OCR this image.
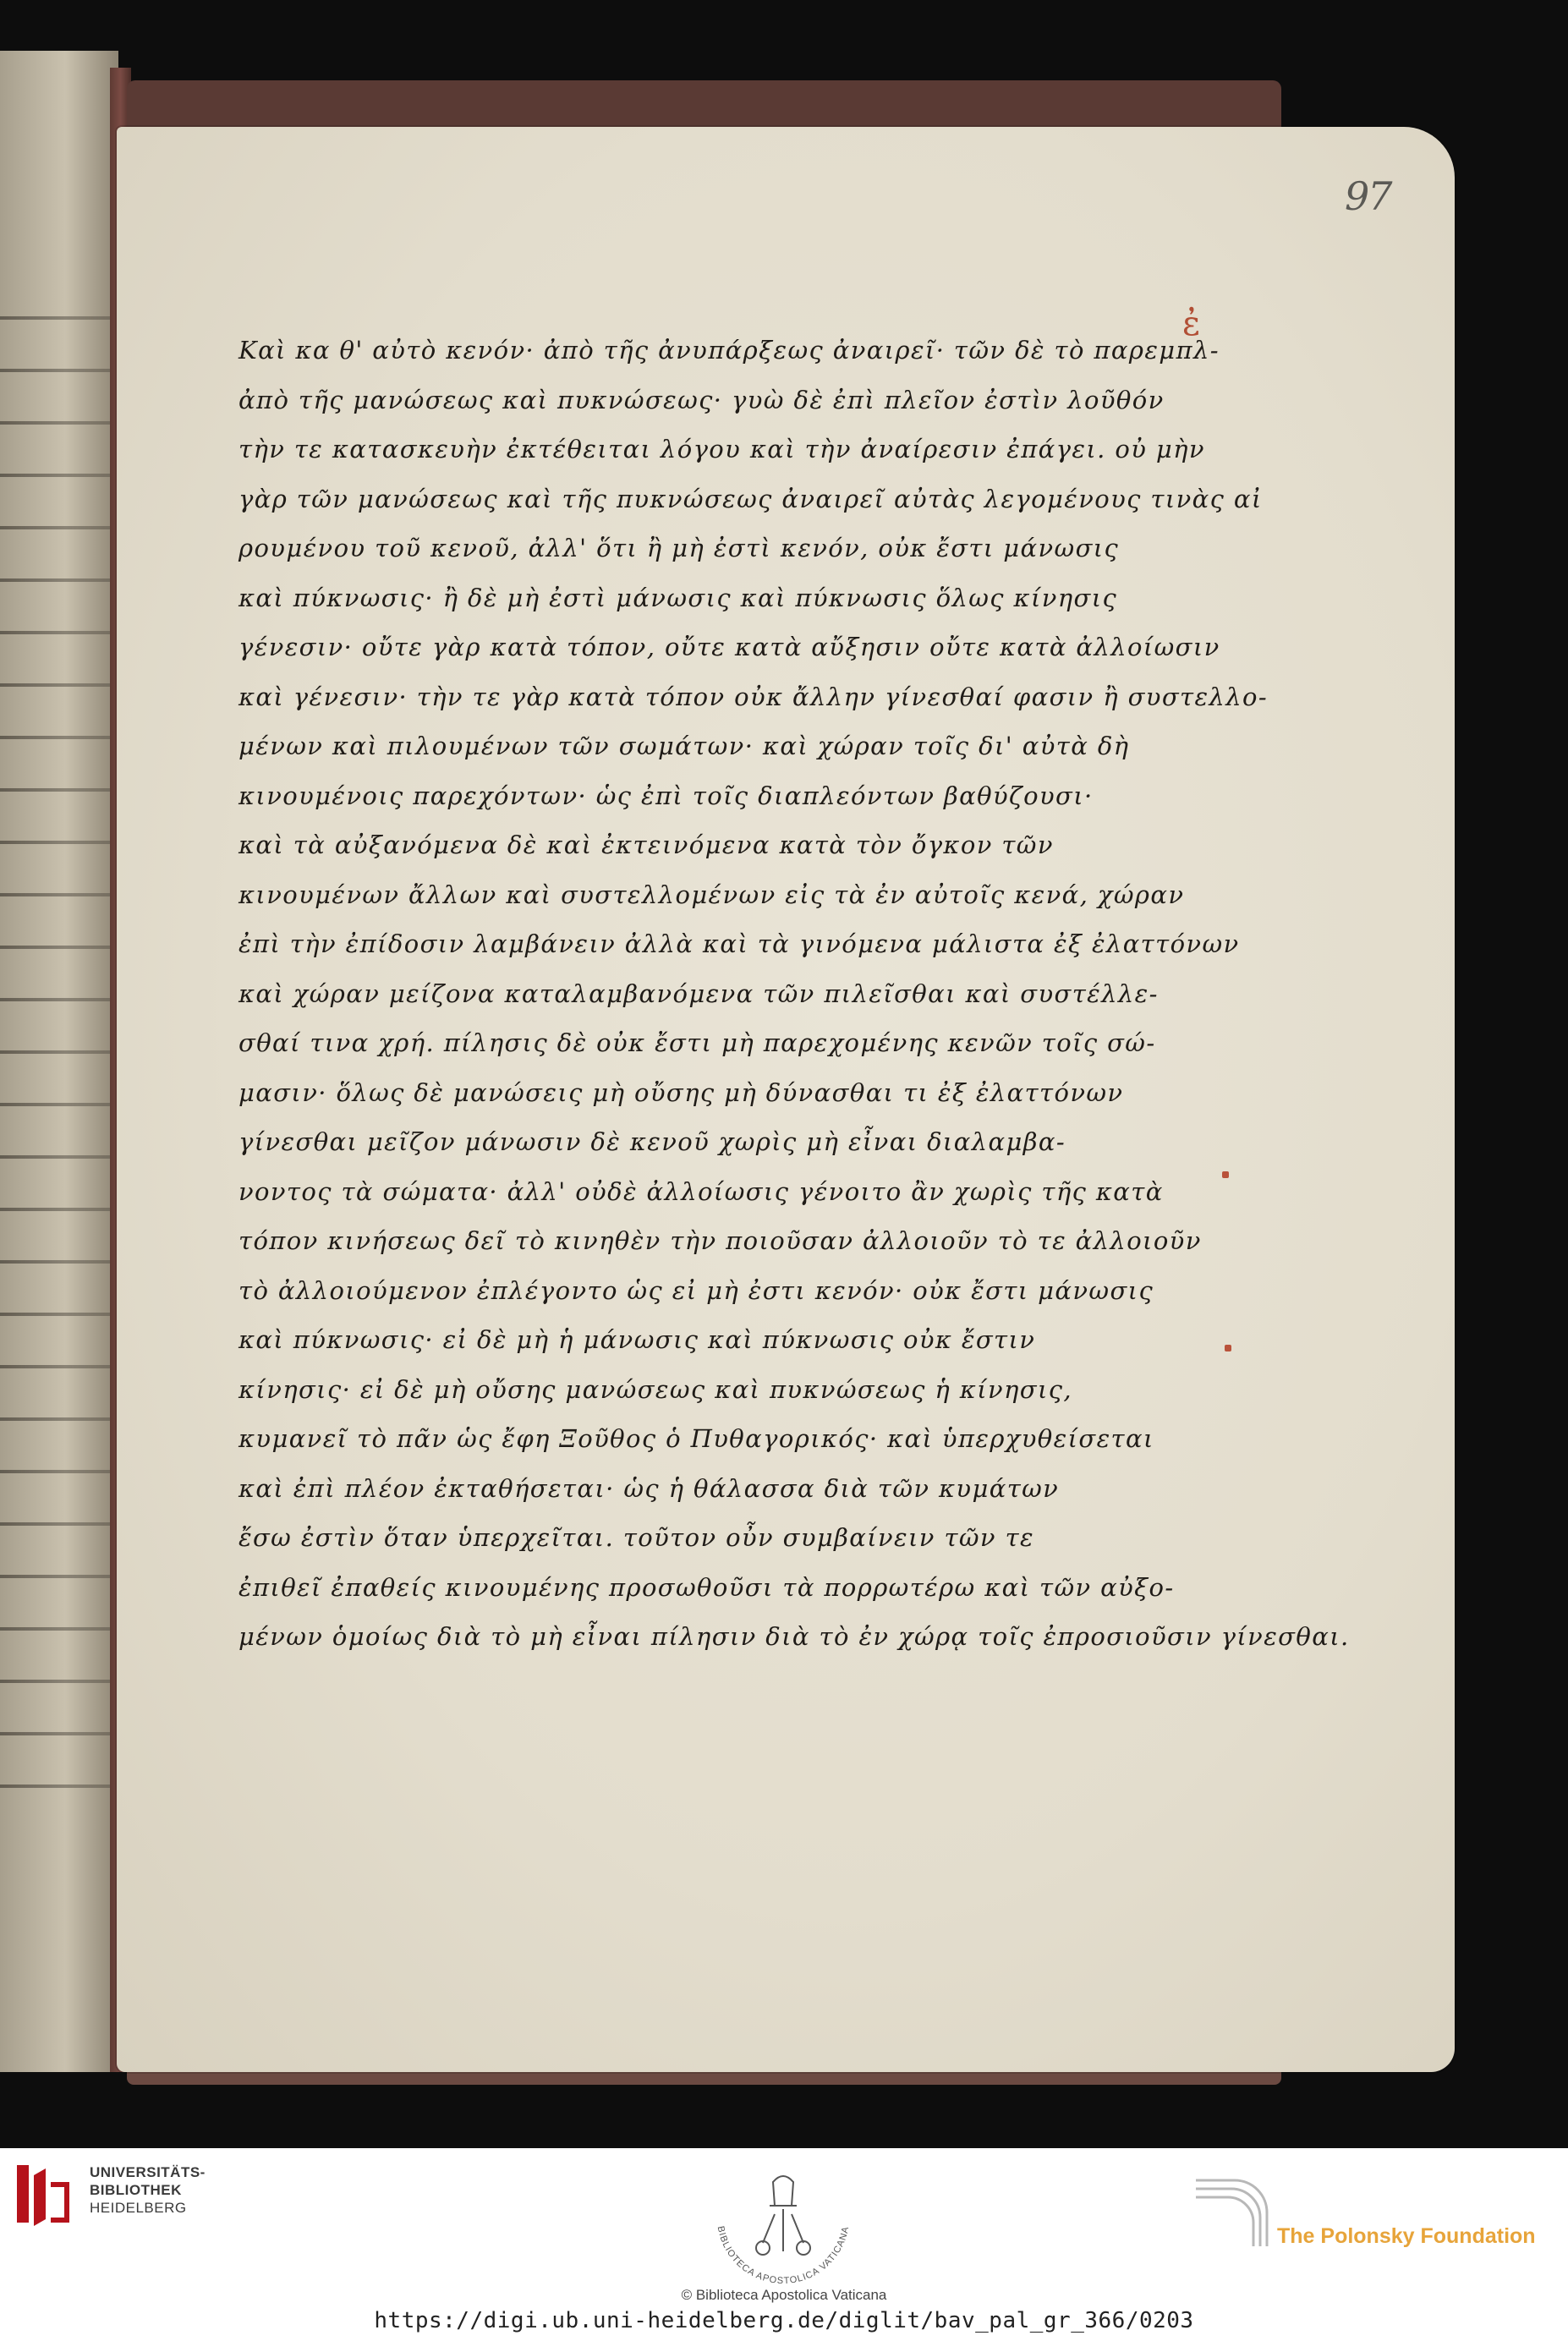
97
ἐ
Καὶ κα θ' αὐτὸ κενόν· ἀπὸ τῆς ἀνυπάρξεως ἀναιρεῖ· τῶν δὲ τὸ παρεμπλ-
ἀπὸ τῆς μανώσεως καὶ πυκνώσεως· γυὼ δὲ ἐπὶ πλεῖον ἐστὶν λοῦθόν
τὴν τε κατασκευὴν ἐκτέθειται λόγου καὶ τὴν ἀναίρεσιν ἐπάγει. οὐ μὴν
γὰρ τῶν μανώσεως καὶ τῆς πυκνώσεως ἀναιρεῖ αὐτὰς λεγομένους τινὰς αἰ
ρουμένου τοῦ κενοῦ, ἀλλ' ὅτι ἢ μὴ ἐστὶ κενόν, οὐκ ἔστι μάνωσις
καὶ πύκνωσις· ἢ δὲ μὴ ἐστὶ μάνωσις καὶ πύκνωσις ὅλως κίνησις
γένεσιν· οὔτε γὰρ κατὰ τόπον, οὔτε κατὰ αὔξησιν οὔτε κατὰ ἀλλοίωσιν
καὶ γένεσιν· τὴν τε γὰρ κατὰ τόπον οὐκ ἄλλην γίνεσθαί φασιν ἢ συστελλο-
μένων καὶ πιλουμένων τῶν σωμάτων· καὶ χώραν τοῖς δι' αὐτὰ δὴ
κινουμένοις παρεχόντων· ὡς ἐπὶ τοῖς διαπλεόντων βαθύζουσι·
καὶ τὰ αὐξανόμενα δὲ καὶ ἐκτεινόμενα κατὰ τὸν ὄγκον τῶν
κινουμένων ἄλλων καὶ συστελλομένων εἰς τὰ ἐν αὐτοῖς κενά, χώραν
ἐπὶ τὴν ἐπίδοσιν λαμβάνειν ἀλλὰ καὶ τὰ γινόμενα μάλιστα ἐξ ἐλαττόνων
καὶ χώραν μείζονα καταλαμβανόμενα τῶν πιλεῖσθαι καὶ συστέλλε-
σθαί τινα χρή. πίλησις δὲ οὐκ ἔστι μὴ παρεχομένης κενῶν τοῖς σώ-
μασιν· ὅλως δὲ μανώσεις μὴ οὔσης μὴ δύνασθαι τι ἐξ ἐλαττόνων
γίνεσθαι μεῖζον μάνωσιν δὲ κενοῦ χωρὶς μὴ εἶναι διαλαμβα-
νοντος τὰ σώματα· ἀλλ' οὐδὲ ἀλλοίωσις γένοιτο ἂν χωρὶς τῆς κατὰ
τόπον κινήσεως δεῖ τὸ κινηθὲν τὴν ποιοῦσαν ἀλλοιοῦν τὸ τε ἀλλοιοῦν
τὸ ἀλλοιούμενον ἐπλέγοντο ὡς εἰ μὴ ἐστι κενόν· οὐκ ἔστι μάνωσις
καὶ πύκνωσις· εἰ δὲ μὴ ἡ μάνωσις καὶ πύκνωσις οὐκ ἔστιν
κίνησις· εἰ δὲ μὴ οὔσης μανώσεως καὶ πυκνώσεως ἡ κίνησις,
κυμανεῖ τὸ πᾶν ὡς ἔφη Ξοῦθος ὁ Πυθαγορικός· καὶ ὑπερχυθείσεται
καὶ ἐπὶ πλέον ἐκταθήσεται· ὡς ἡ θάλασσα διὰ τῶν κυμάτων
ἔσω ἐστὶν ὅταν ὑπερχεῖται. τοῦτον οὖν συμβαίνειν τῶν τε
ἐπιθεῖ ἐπαθείς κινουμένης προσωθοῦσι τὰ πορρωτέρω καὶ τῶν αὐξο-
μένων ὁμοίως διὰ τὸ μὴ εἶναι πίλησιν διὰ τὸ ἐν χώρᾳ τοῖς ἐπροσιοῦσιν γίνεσθαι.
UNIVERSITÄTS-
BIBLIOTHEK
HEIDELBERG
BIBLIOTECA APOSTOLICA VATICANA	The Polonsky Foundation
© Biblioteca Apostolica Vaticana
https://digi.ub.uni-heidelberg.de/diglit/bav_pal_gr_366/0203
